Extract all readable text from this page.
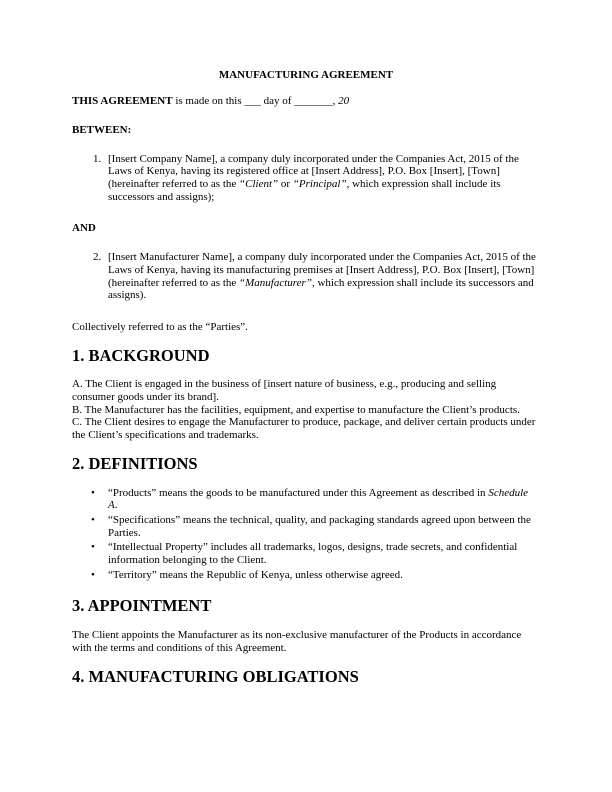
MANUFACTURING AGREEMENT

THIS AGREEMENT is made on this ___ day of _______, 20

BETWEEN:

1. [Insert Company Name], a company duly incorporated under the Companies Act, 2015 of the Laws of Kenya, having its registered office at [Insert Address], P.O. Box [Insert], [Town] (hereinafter referred to as the “Client” or “Principal”, which expression shall include its successors and assigns);

AND

2. [Insert Manufacturer Name], a company duly incorporated under the Companies Act, 2015 of the Laws of Kenya, having its manufacturing premises at [Insert Address], P.O. Box [Insert], [Town] (hereinafter referred to as the “Manufacturer”, which expression shall include its successors and assigns).

Collectively referred to as the “Parties”.

1. BACKGROUND

A. The Client is engaged in the business of [insert nature of business, e.g., producing and selling consumer goods under its brand].

B. The Manufacturer has the facilities, equipment, and expertise to manufacture the Client’s products.

C. The Client desires to engage the Manufacturer to produce, package, and deliver certain products under the Client’s specifications and trademarks.

2. DEFINITIONS
• “Products” means the goods to be manufactured under this Agreement as described in Schedule A.
• “Specifications” means the technical, quality, and packaging standards agreed upon between the Parties.
• “Intellectual Property” includes all trademarks, logos, designs, trade secrets, and confidential information belonging to the Client.
• “Territory” means the Republic of Kenya, unless otherwise agreed.
3. APPOINTMENT

The Client appoints the Manufacturer as its non-exclusive manufacturer of the Products in accordance with the terms and conditions of this Agreement.

4. MANUFACTURING OBLIGATIONS
